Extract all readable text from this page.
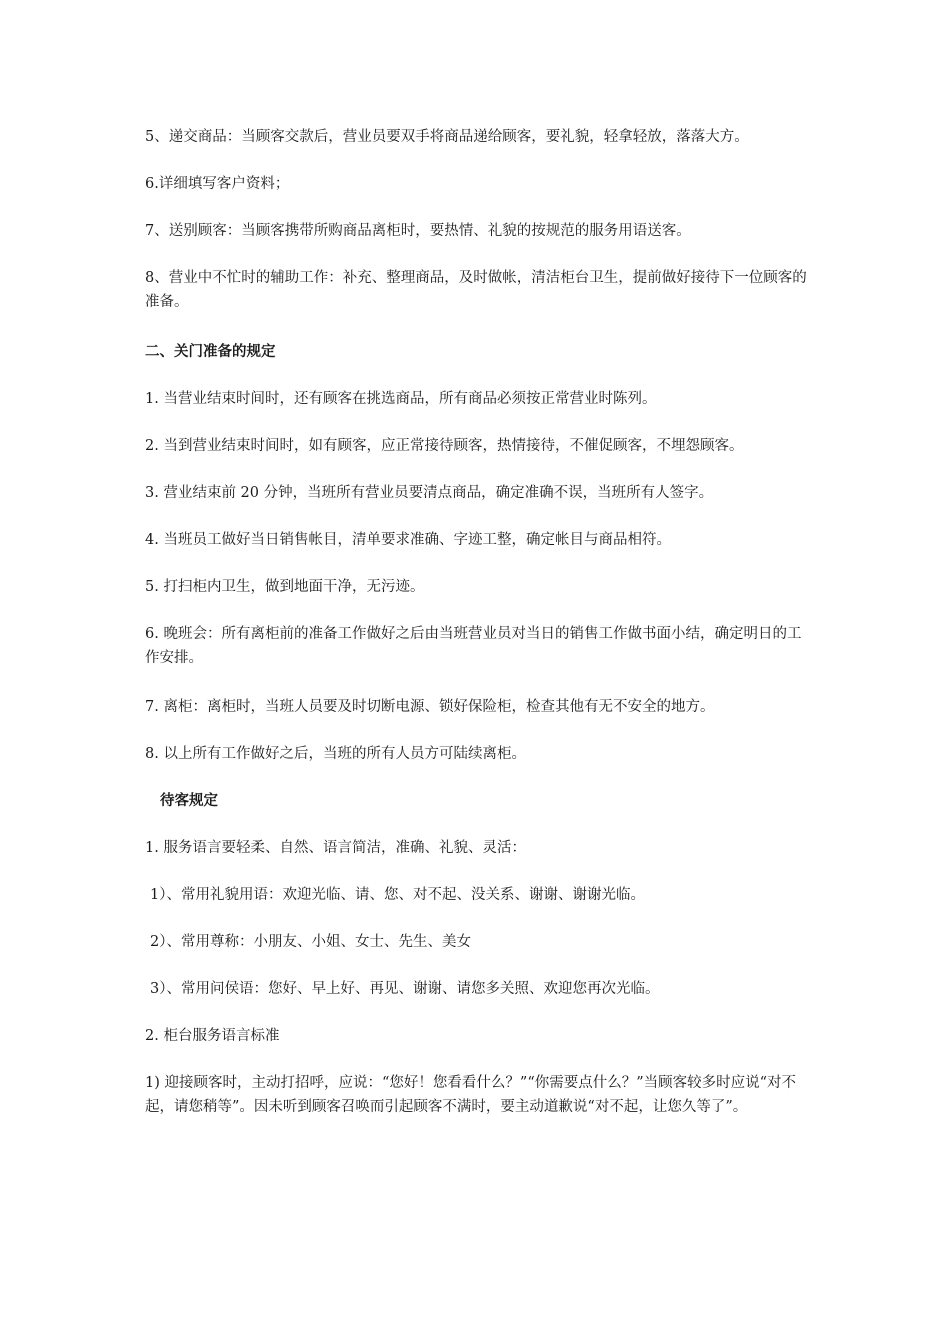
5、递交商品：当顾客交款后，营业员要双手将商品递给顾客，要礼貌，轻拿轻放，落落大方。
6.详细填写客户资料；
7、送别顾客：当顾客携带所购商品离柜时，要热情、礼貌的按规范的服务用语送客。
8、营业中不忙时的辅助工作：补充、整理商品，及时做帐，清洁柜台卫生，提前做好接待下一位顾客的准备。
二、关门准备的规定
1. 当营业结束时间时，还有顾客在挑选商品，所有商品必须按正常营业时陈列。
2. 当到营业结束时间时，如有顾客，应正常接待顾客，热情接待，不催促顾客，不埋怨顾客。
3. 营业结束前 20 分钟，当班所有营业员要清点商品，确定准确不误，当班所有人签字。
4. 当班员工做好当日销售帐目，清单要求准确、字迹工整，确定帐目与商品相符。
5. 打扫柜内卫生，做到地面干净，无污迹。
6. 晚班会：所有离柜前的准备工作做好之后由当班营业员对当日的销售工作做书面小结，确定明日的工作安排。
7. 离柜：离柜时，当班人员要及时切断电源、锁好保险柜，检查其他有无不安全的地方。
8. 以上所有工作做好之后，当班的所有人员方可陆续离柜。
待客规定
1. 服务语言要轻柔、自然、语言简洁，准确、礼貌、灵活：
1）、常用礼貌用语：欢迎光临、请、您、对不起、没关系、谢谢、谢谢光临。
2）、常用尊称：小朋友、小姐、女士、先生、美女
3）、常用问侯语：您好、早上好、再见、谢谢、请您多关照、欢迎您再次光临。
2. 柜台服务语言标准
1) 迎接顾客时，主动打招呼，应说：“您好！您看看什么？”“你需要点什么？”当顾客较多时应说“对不起，请您稍等”。因未听到顾客召唤而引起顾客不满时，要主动道歉说“对不起，让您久等了”。
